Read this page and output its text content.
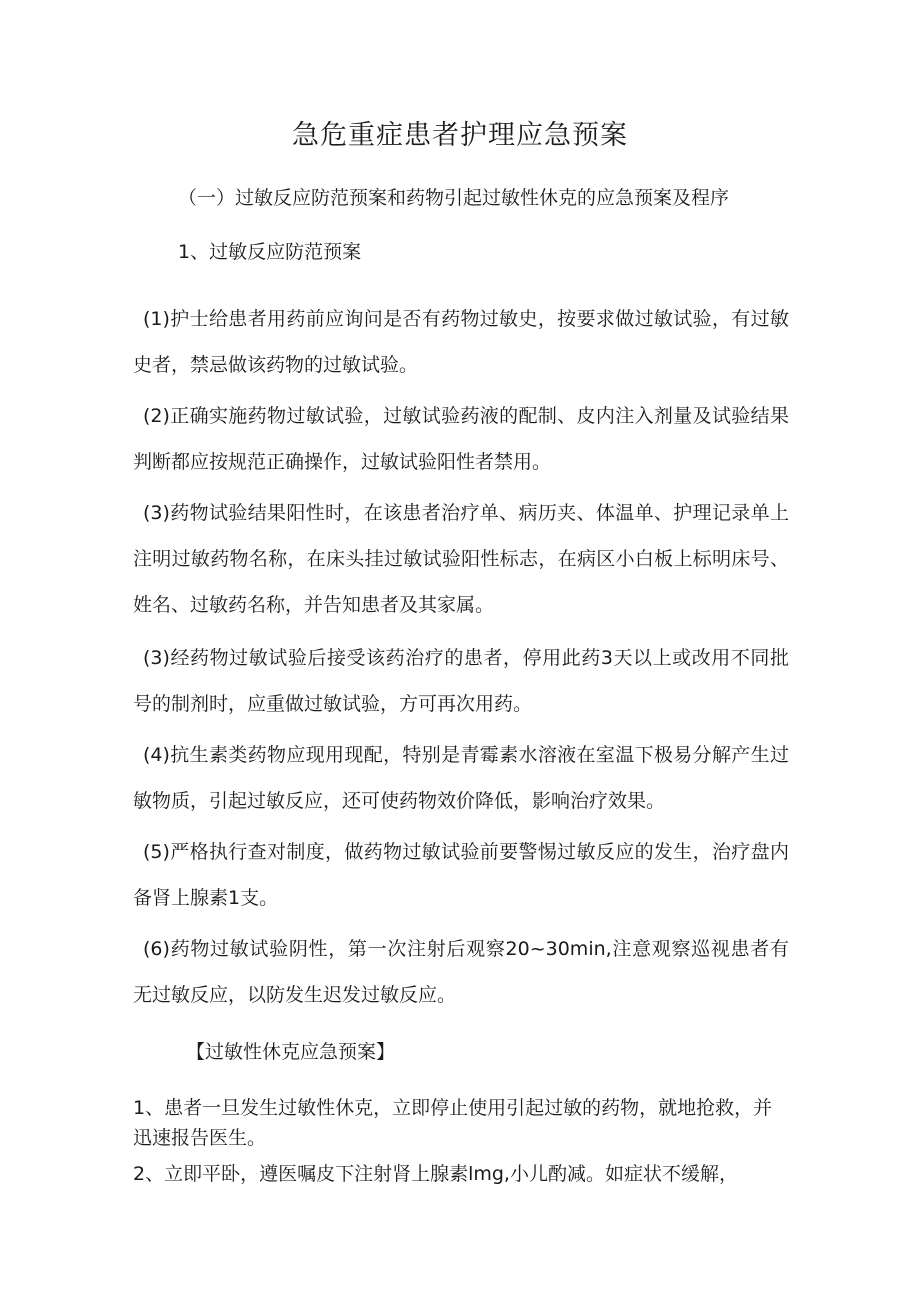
急危重症患者护理应急预案

（一）过敏反应防范预案和药物引起过敏性休克的应急预案及程序

1、过敏反应防范预案

(1)护士给患者用药前应询问是否有药物过敏史，按要求做过敏试验，有过敏史者，禁忌做该药物的过敏试验。

(2)正确实施药物过敏试验，过敏试验药液的配制、皮内注入剂量及试验结果判断都应按规范正确操作，过敏试验阳性者禁用。

(3)药物试验结果阳性时，在该患者治疗单、病历夹、体温单、护理记录单上注明过敏药物名称，在床头挂过敏试验阳性标志，在病区小白板上标明床号、姓名、过敏药名称，并告知患者及其家属。

(3)经药物过敏试验后接受该药治疗的患者，停用此药3天以上或改用不同批号的制剂时，应重做过敏试验，方可再次用药。

(4)抗生素类药物应现用现配，特别是青霉素水溶液在室温下极易分解产生过敏物质，引起过敏反应，还可使药物效价降低，影响治疗效果。

(5)严格执行查对制度，做药物过敏试验前要警惕过敏反应的发生，治疗盘内备肾上腺素1支。

(6)药物过敏试验阴性，第一次注射后观察20~30min,注意观察巡视患者有无过敏反应，以防发生迟发过敏反应。

【过敏性休克应急预案】

1、患者一旦发生过敏性休克，立即停止使用引起过敏的药物，就地抢救，并迅速报告医生。

2、立即平卧，遵医嘱皮下注射肾上腺素lmg,小儿酌减。如症状不缓解，
